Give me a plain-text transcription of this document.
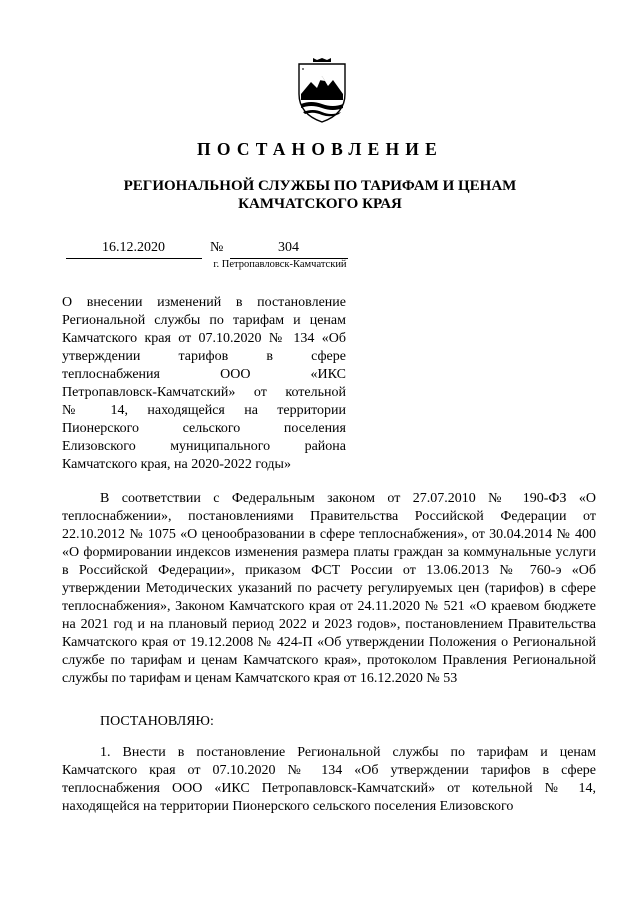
ПОСТАНОВЛЕНИЕ
РЕГИОНАЛЬНОЙ СЛУЖБЫ ПО ТАРИФАМ И ЦЕНАМ
КАМЧАТСКОГО КРАЯ
16.12.2020	№	304
г. Петропавловск-Камчатский
О внесении изменений в постановление
Региональной службы по тарифам и ценам
Камчатского края от 07.10.2020 № 134 «Об
утверждении тарифов в сфере
теплоснабжения ООО «ИКС
Петропавловск-Камчатский» от котельной
№ 14, находящейся на территории
Пионерского сельского поселения
Елизовского муниципального района
Камчатского края, на 2020-2022 годы»
В соответствии с Федеральным законом от 27.07.2010 № 190-ФЗ «О теплоснабжении», постановлениями Правительства Российской Федерации от 22.10.2012 № 1075 «О ценообразовании в сфере теплоснабжения», от 30.04.2014 № 400 «О формировании индексов изменения размера платы граждан за коммунальные услуги в Российской Федерации», приказом ФСТ России от 13.06.2013 № 760-э «Об утверждении Методических указаний по расчету регулируемых цен (тарифов) в сфере теплоснабжения», Законом Камчатского края от 24.11.2020 № 521 «О краевом бюджете на 2021 год и на плановый период 2022 и 2023 годов», постановлением Правительства Камчатского края от 19.12.2008 № 424-П «Об утверждении Положения о Региональной службе по тарифам и ценам Камчатского края», протоколом Правления Региональной службы по тарифам и ценам Камчатского края от 16.12.2020 № 53
ПОСТАНОВЛЯЮ:
1. Внести в постановление Региональной службы по тарифам и ценам Камчатского края от 07.10.2020 № 134 «Об утверждении тарифов в сфере теплоснабжения ООО «ИКС Петропавловск-Камчатский» от котельной № 14, находящейся на территории Пионерского сельского поселения Елизовского
